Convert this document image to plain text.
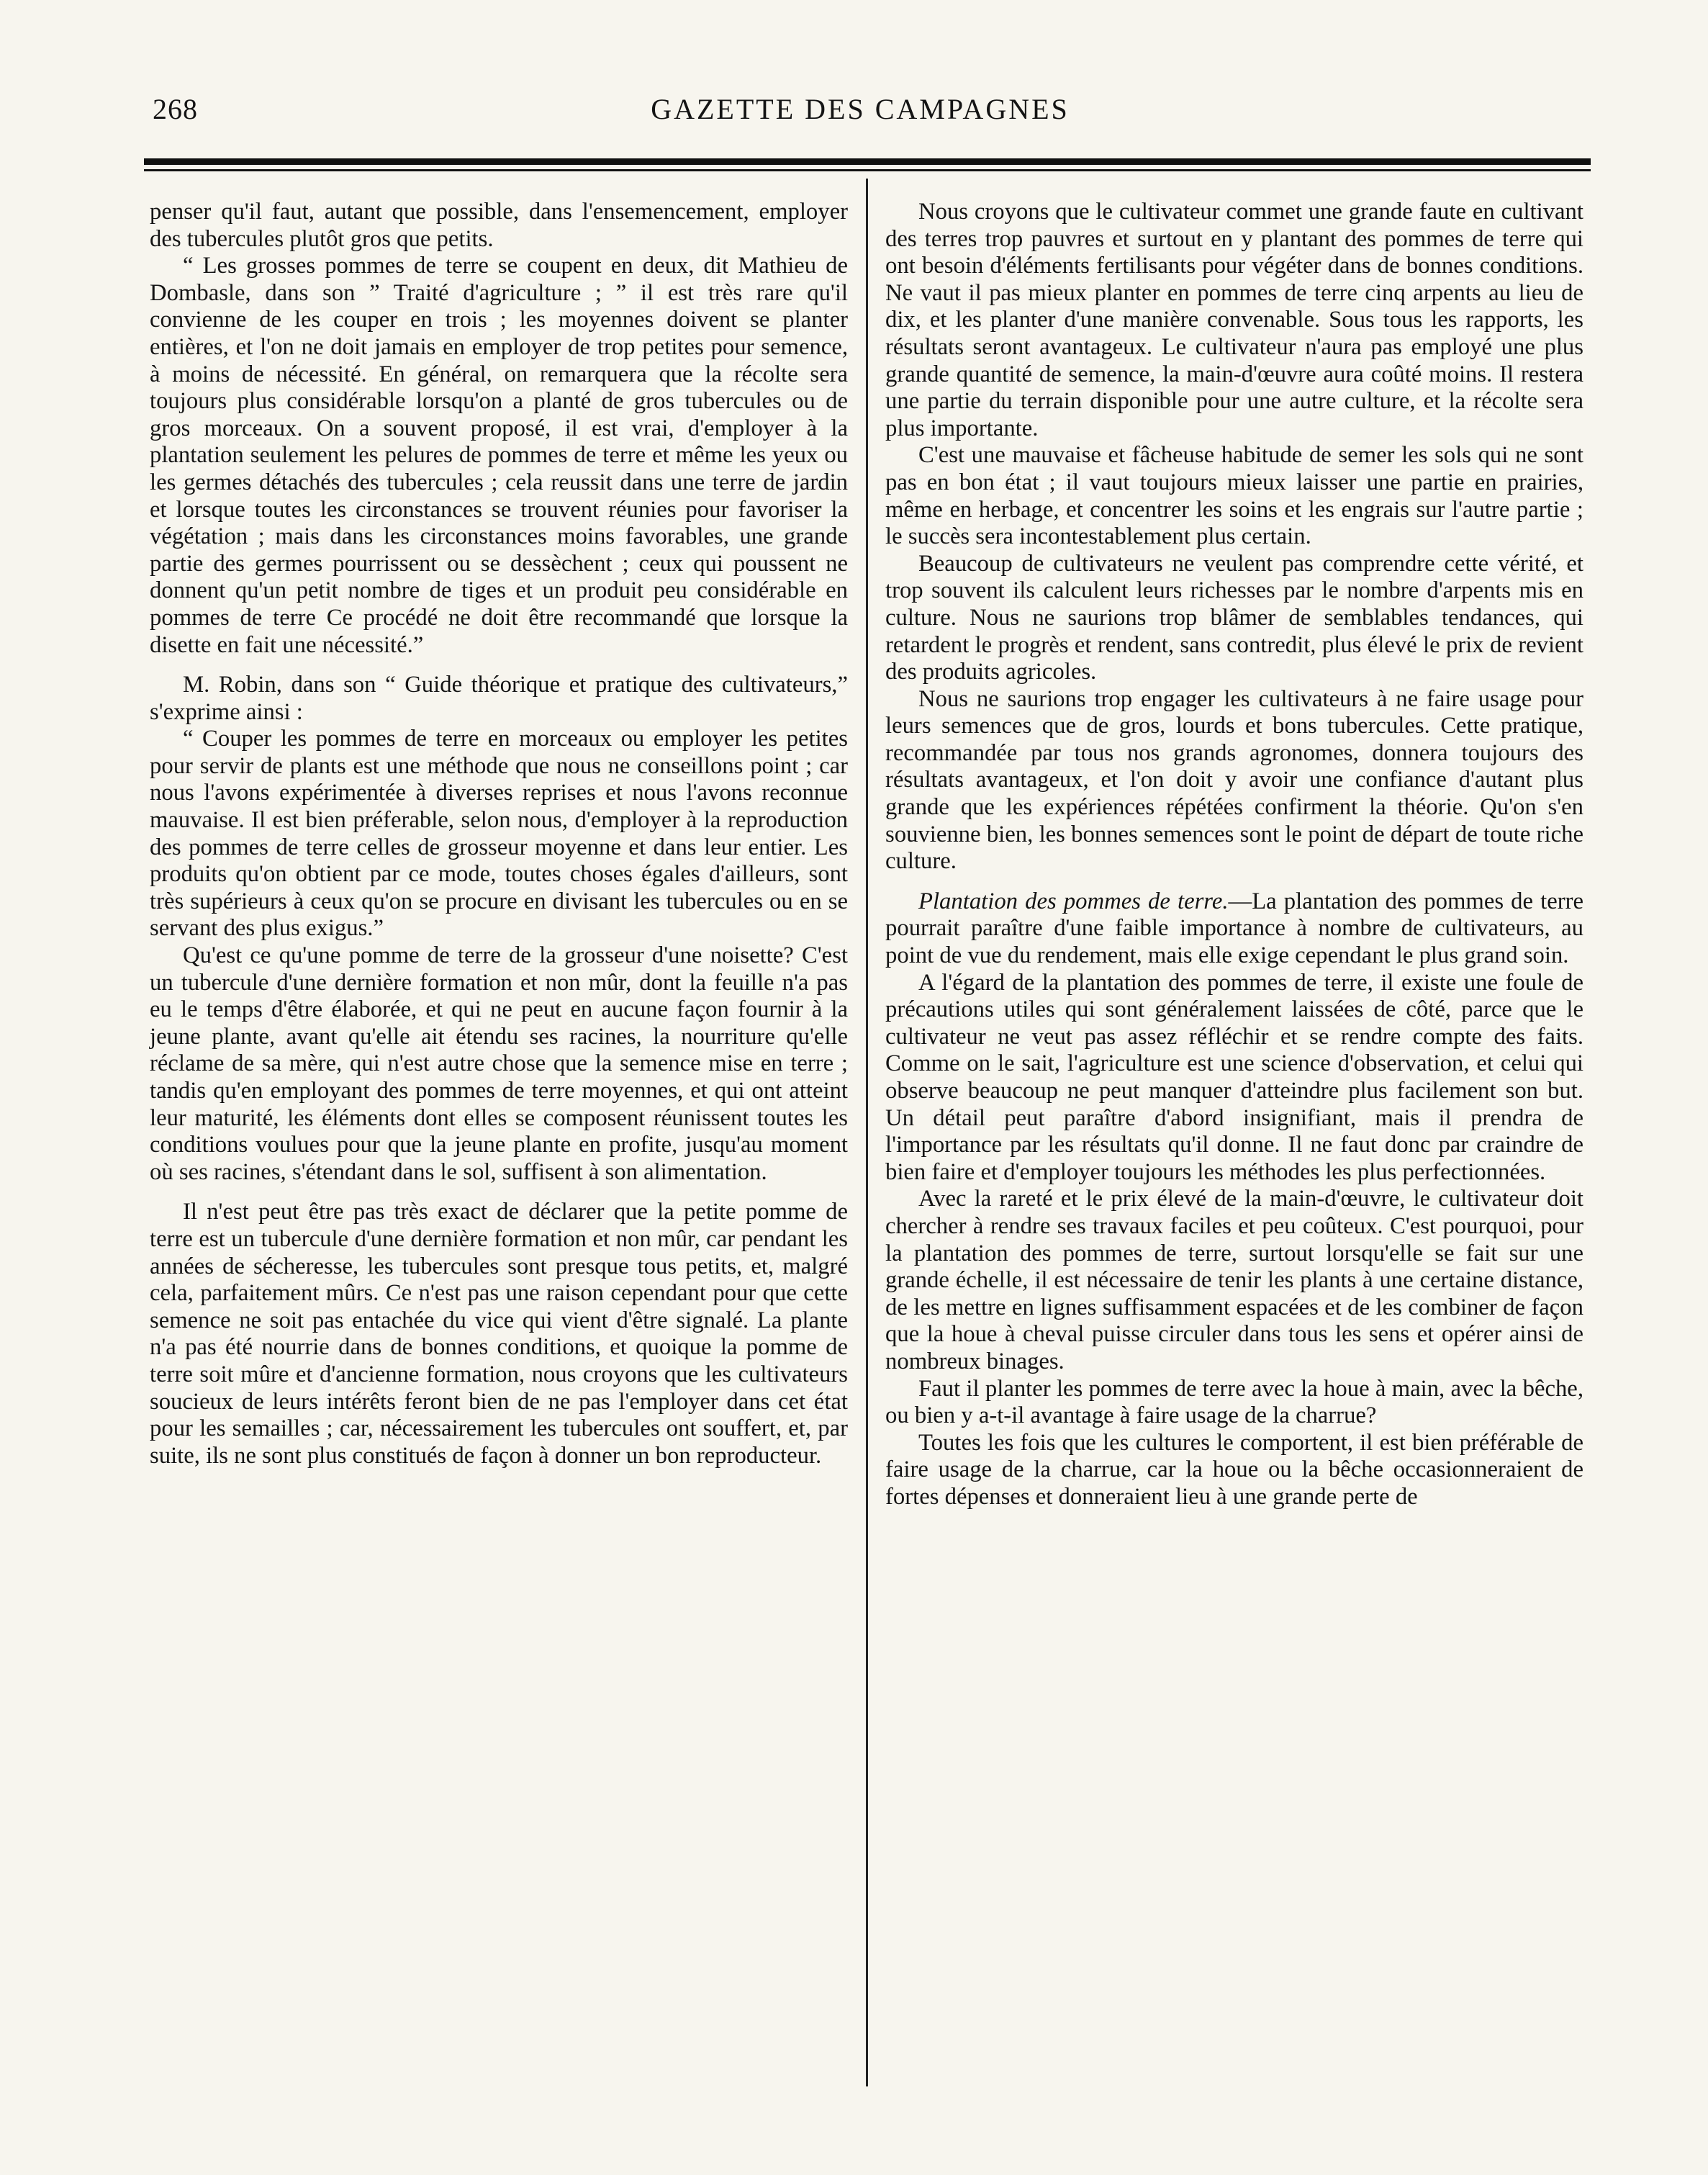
268	GAZETTE DES CAMPAGNES

penser qu'il faut, autant que possible, dans l'ensemencement, employer des tubercules plutôt gros que petits.

“ Les grosses pommes de terre se coupent en deux, dit Mathieu de Dombasle, dans son ” Traité d'agriculture ; ” il est très rare qu'il convienne de les couper en trois ; les moyennes doivent se planter entières, et l'on ne doit jamais en employer de trop petites pour semence, à moins de nécessité. En général, on remarquera que la récolte sera toujours plus considérable lorsqu'on a planté de gros tubercules ou de gros morceaux. On a souvent proposé, il est vrai, d'employer à la plantation seulement les pelures de pommes de terre et même les yeux ou les germes détachés des tubercules ; cela reussit dans une terre de jardin et lorsque toutes les circonstances se trouvent réunies pour favoriser la végétation ; mais dans les circonstances moins favorables, une grande partie des germes pourrissent ou se dessèchent ; ceux qui poussent ne donnent qu'un petit nombre de tiges et un produit peu considérable en pommes de terre Ce procédé ne doit être recommandé que lorsque la disette en fait une nécessité.”

M. Robin, dans son “ Guide théorique et pratique des cultivateurs,” s'exprime ainsi :

“ Couper les pommes de terre en morceaux ou employer les petites pour servir de plants est une méthode que nous ne conseillons point ; car nous l'avons expérimentée à diverses reprises et nous l'avons reconnue mauvaise. Il est bien préferable, selon nous, d'employer à la reproduction des pommes de terre celles de grosseur moyenne et dans leur entier. Les produits qu'on obtient par ce mode, toutes choses égales d'ailleurs, sont très supérieurs à ceux qu'on se procure en divisant les tubercules ou en se servant des plus exigus.”

Qu'est ce qu'une pomme de terre de la grosseur d'une noisette? C'est un tubercule d'une dernière formation et non mûr, dont la feuille n'a pas eu le temps d'être élaborée, et qui ne peut en aucune façon fournir à la jeune plante, avant qu'elle ait étendu ses racines, la nourriture qu'elle réclame de sa mère, qui n'est autre chose que la semence mise en terre ; tandis qu'en employant des pommes de terre moyennes, et qui ont atteint leur maturité, les éléments dont elles se composent réunissent toutes les conditions voulues pour que la jeune plante en profite, jusqu'au moment où ses racines, s'étendant dans le sol, suffisent à son alimentation.

Il n'est peut être pas très exact de déclarer que la petite pomme de terre est un tubercule d'une dernière formation et non mûr, car pendant les années de sécheresse, les tubercules sont presque tous petits, et, malgré cela, parfaitement mûrs. Ce n'est pas une raison cependant pour que cette semence ne soit pas entachée du vice qui vient d'être signalé. La plante n'a pas été nourrie dans de bonnes conditions, et quoique la pomme de terre soit mûre et d'ancienne formation, nous croyons que les cultivateurs soucieux de leurs intérêts feront bien de ne pas l'employer dans cet état pour les semailles ; car, nécessairement les tubercules ont souffert, et, par suite, ils ne sont plus constitués de façon à donner un bon reproducteur.

Nous croyons que le cultivateur commet une grande faute en cultivant des terres trop pauvres et surtout en y plantant des pommes de terre qui ont besoin d'éléments fertilisants pour végéter dans de bonnes conditions. Ne vaut il pas mieux planter en pommes de terre cinq arpents au lieu de dix, et les planter d'une manière convenable. Sous tous les rapports, les résultats seront avantageux. Le cultivateur n'aura pas employé une plus grande quantité de semence, la main-d'œuvre aura coûté moins. Il restera une partie du terrain disponible pour une autre culture, et la récolte sera plus importante.

C'est une mauvaise et fâcheuse habitude de semer les sols qui ne sont pas en bon état ; il vaut toujours mieux laisser une partie en prairies, même en herbage, et concentrer les soins et les engrais sur l'autre partie ; le succès sera incontestablement plus certain.

Beaucoup de cultivateurs ne veulent pas comprendre cette vérité, et trop souvent ils calculent leurs richesses par le nombre d'arpents mis en culture. Nous ne saurions trop blâmer de semblables tendances, qui retardent le progrès et rendent, sans contredit, plus élevé le prix de revient des produits agricoles.

Nous ne saurions trop engager les cultivateurs à ne faire usage pour leurs semences que de gros, lourds et bons tubercules. Cette pratique, recommandée par tous nos grands agronomes, donnera toujours des résultats avantageux, et l'on doit y avoir une confiance d'autant plus grande que les expériences répétées confirment la théorie. Qu'on s'en souvienne bien, les bonnes semences sont le point de départ de toute riche culture.

Plantation des pommes de terre.—La plantation des pommes de terre pourrait paraître d'une faible importance à nombre de cultivateurs, au point de vue du rendement, mais elle exige cependant le plus grand soin.

A l'égard de la plantation des pommes de terre, il existe une foule de précautions utiles qui sont généralement laissées de côté, parce que le cultivateur ne veut pas assez réfléchir et se rendre compte des faits. Comme on le sait, l'agriculture est une science d'observation, et celui qui observe beaucoup ne peut manquer d'atteindre plus facilement son but. Un détail peut paraître d'abord insignifiant, mais il prendra de l'importance par les résultats qu'il donne. Il ne faut donc par craindre de bien faire et d'employer toujours les méthodes les plus perfectionnées.

Avec la rareté et le prix élevé de la main-d'œuvre, le cultivateur doit chercher à rendre ses travaux faciles et peu coûteux. C'est pourquoi, pour la plantation des pommes de terre, surtout lorsqu'elle se fait sur une grande échelle, il est nécessaire de tenir les plants à une certaine distance, de les mettre en lignes suffisamment espacées et de les combiner de façon que la houe à cheval puisse circuler dans tous les sens et opérer ainsi de nombreux binages.

Faut il planter les pommes de terre avec la houe à main, avec la bêche, ou bien y a-t-il avantage à faire usage de la charrue?

Toutes les fois que les cultures le comportent, il est bien préférable de faire usage de la charrue, car la houe ou la bêche occasionneraient de fortes dépenses et donneraient lieu à une grande perte de
